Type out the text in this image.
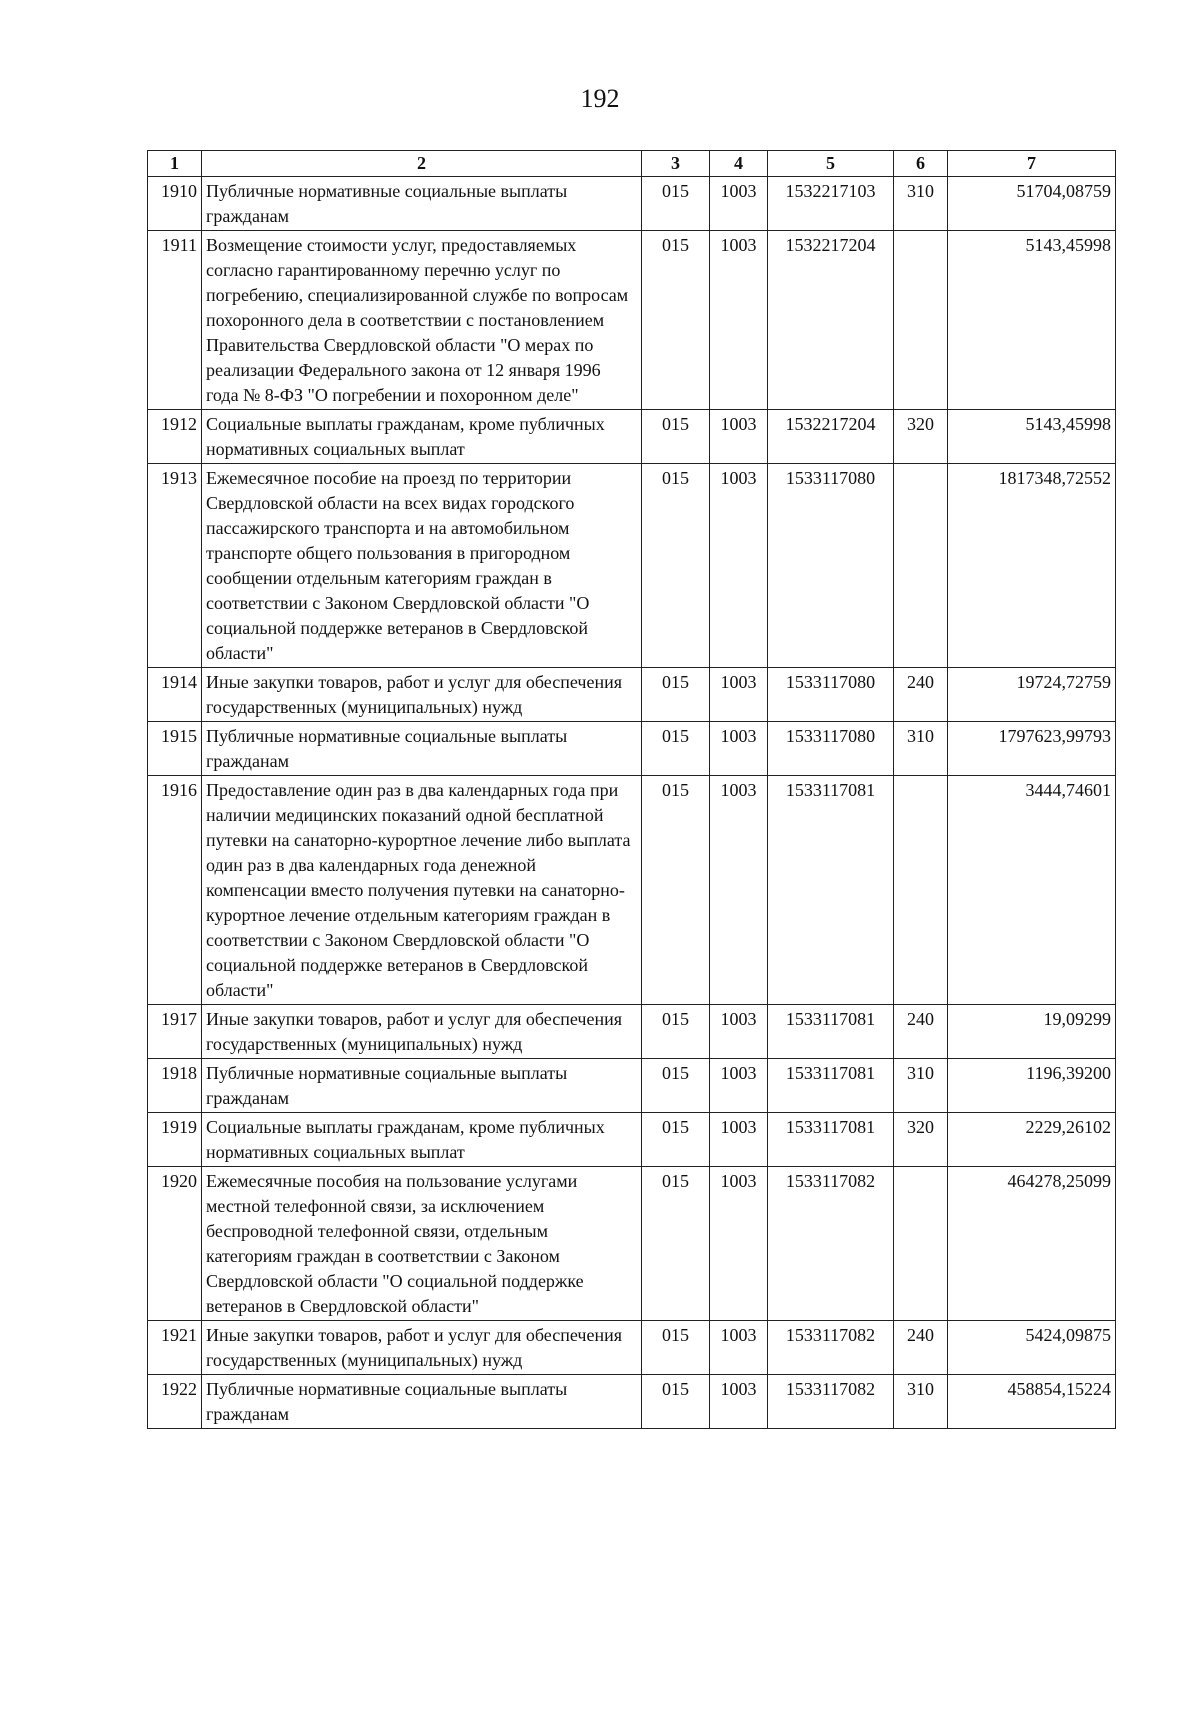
192
1	2	3	4	5	6	7
1910	Публичные нормативные социальные выплаты гражданам	015	1003	1532217103	310	51704,08759
1911	Возмещение стоимости услуг, предоставляемых согласно гарантированному перечню услуг по погребению, специализированной службе по вопросам похоронного дела в соответствии с постановлением Правительства Свердловской области "О мерах по реализации Федерального закона от 12 января 1996 года № 8-ФЗ "О погребении и похоронном деле"	015	1003	1532217204		5143,45998
1912	Социальные выплаты гражданам, кроме публичных нормативных социальных выплат	015	1003	1532217204	320	5143,45998
1913	Ежемесячное пособие на проезд по территории Свердловской области на всех видах городского пассажирского транспорта и на автомобильном транспорте общего пользования в пригородном сообщении отдельным категориям граждан в соответствии с Законом Свердловской области "О социальной поддержке ветеранов в Свердловской области"	015	1003	1533117080		1817348,72552
1914	Иные закупки товаров, работ и услуг для обеспечения государственных (муниципальных) нужд	015	1003	1533117080	240	19724,72759
1915	Публичные нормативные социальные выплаты гражданам	015	1003	1533117080	310	1797623,99793
1916	Предоставление один раз в два календарных года при наличии медицинских показаний одной бесплатной путевки на санаторно-курортное лечение либо выплата один раз в два календарных года денежной компенсации вместо получения путевки на санаторно-курортное лечение отдельным категориям граждан в соответствии с Законом Свердловской области "О социальной поддержке ветеранов в Свердловской области"	015	1003	1533117081		3444,74601
1917	Иные закупки товаров, работ и услуг для обеспечения государственных (муниципальных) нужд	015	1003	1533117081	240	19,09299
1918	Публичные нормативные социальные выплаты гражданам	015	1003	1533117081	310	1196,39200
1919	Социальные выплаты гражданам, кроме публичных нормативных социальных выплат	015	1003	1533117081	320	2229,26102
1920	Ежемесячные пособия на пользование услугами местной телефонной связи, за исключением беспроводной телефонной связи, отдельным категориям граждан в соответствии с Законом Свердловской области "О социальной поддержке ветеранов в Свердловской области"	015	1003	1533117082		464278,25099
1921	Иные закупки товаров, работ и услуг для обеспечения государственных (муниципальных) нужд	015	1003	1533117082	240	5424,09875
1922	Публичные нормативные социальные выплаты гражданам	015	1003	1533117082	310	458854,15224
